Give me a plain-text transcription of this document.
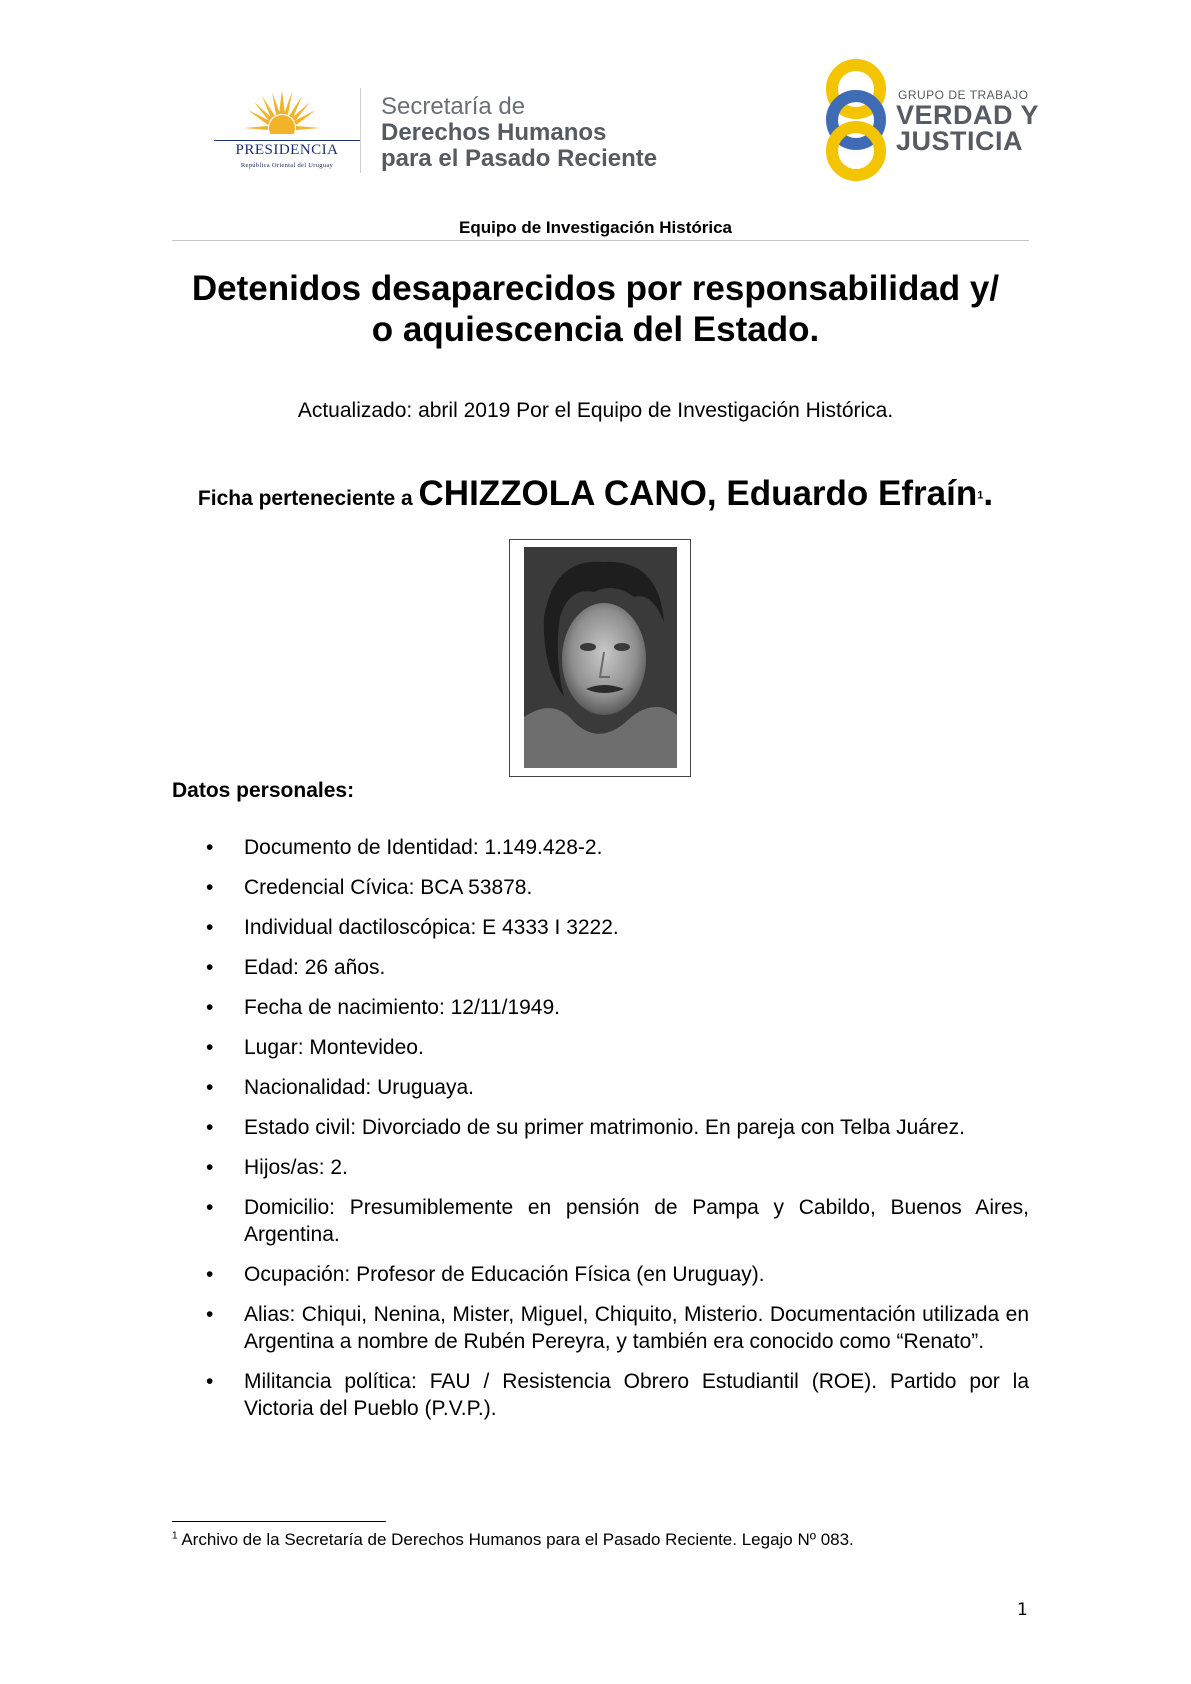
PRESIDENCIA
República Oriental del Uruguay
Secretaría de
Derechos Humanos
para el Pasado Reciente
GRUPO DE TRABAJO
VERDAD Y
JUSTICIA
Equipo de Investigación Histórica
Detenidos desaparecidos por responsabilidad y/
o aquiescencia del Estado.
Actualizado: abril 2019 Por el Equipo de Investigación Histórica.
Ficha perteneciente a CHIZZOLA CANO, Eduardo Efraín$^1$.
Datos personales:
• Documento de Identidad: 1.149.428-2.
• Credencial Cívica: BCA 53878.
• Individual dactiloscópica: E 4333 I 3222.
• Edad: 26 años.
• Fecha de nacimiento: 12/11/1949.
• Lugar: Montevideo.
• Nacionalidad: Uruguaya.
• Estado civil: Divorciado de su primer matrimonio. En pareja con Telba Juárez.
• Hijos/as: 2.
• Domicilio: Presumiblemente en pensión de Pampa y Cabildo, Buenos Aires, Argentina.
• Ocupación: Profesor de Educación Física (en Uruguay).
• Alias: Chiqui, Nenina, Mister, Miguel, Chiquito, Misterio. Documentación utilizada en Argentina a nombre de Rubén Pereyra, y también era conocido como “Renato”.
• Militancia política: FAU / Resistencia Obrero Estudiantil (ROE). Partido por la Victoria del Pueblo (P.V.P.).
$^1$ Archivo de la Secretaría de Derechos Humanos para el Pasado Reciente. Legajo Nº 083.
1
